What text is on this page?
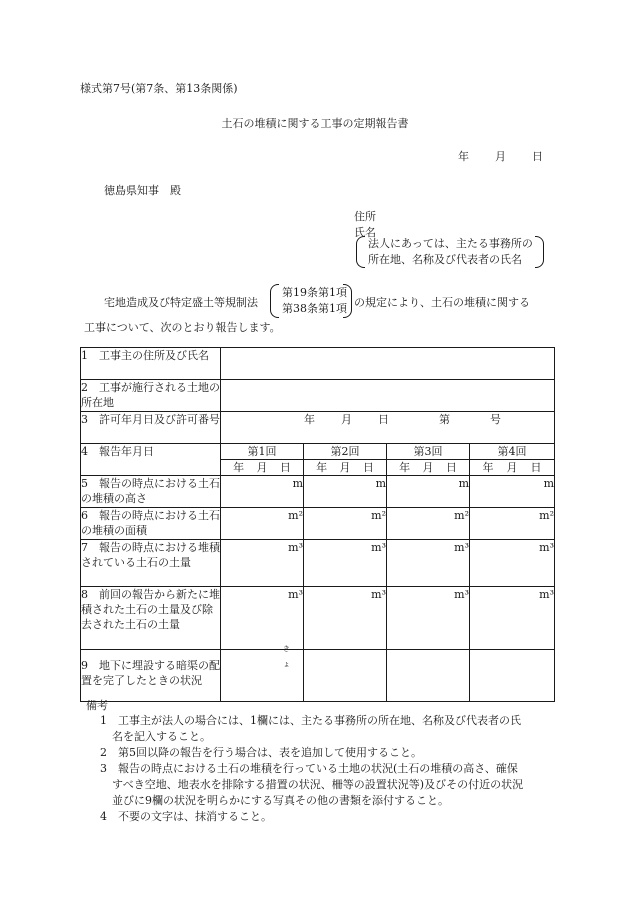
様式第7号(第7条、第13条関係)
土石の堆積に関する工事の定期報告書
年 月 日
徳島県知事　殿
住所
氏名
法人にあっては、主たる事務所の
所在地、名称及び代表者の氏名
宅地造成及び特定盛土等規制法
第19条第1項
第38条第1項 の規定により、土石の堆積に関する
工事について、次のとおり報告します。
1　工事主の住所及び氏名				
2　工事が施行される土地の所在地				
3　許可年月日及び許可番号	年 月 日 第 号			
4　報告年月日	第1回	第2回	第3回	第4回

	年 月 日	年 月 日	年 月 日	年 月 日

5　報告の時点における土石の堆積の高さ	m	m	m	m
6　報告の時点における土石の堆積の面積	m²	m²	m²	m²
7　報告の時点における堆積されている土石の土量	m³	m³	m³	m³
8　前回の報告から新たに堆積された土石の土量及び除去された土石の土量	m³	m³	m³	m³

きょ
9　地下に埋設する暗渠の配置を完了したときの状況				
備考
1　工事主が法人の場合には、1欄には、主たる事務所の所在地、名称及び代表者の氏
名を記入すること。
2　第5回以降の報告を行う場合は、表を追加して使用すること。
3　報告の時点における土石の堆積を行っている土地の状況(土石の堆積の高さ、確保
すべき空地、地表水を排除する措置の状況、柵等の設置状況等)及びその付近の状況
並びに9欄の状況を明らかにする写真その他の書類を添付すること。
4　不要の文字は、抹消すること。
